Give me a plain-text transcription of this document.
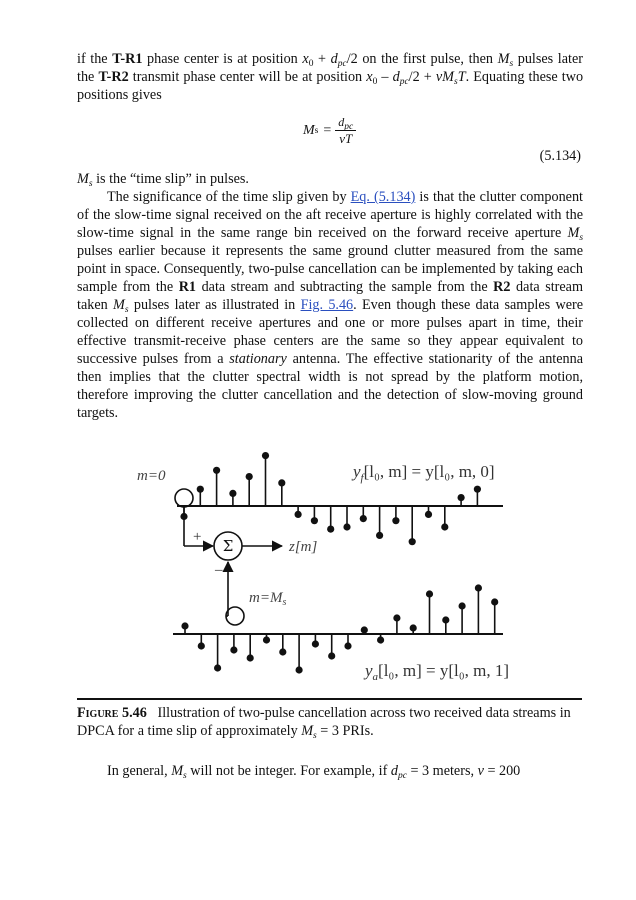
if the T-R1 phase center is at position $x_0 + d_{pc}/2$ on the first pulse, then $M_s$ pulses later the T-R2 transmit phase center will be at position $x_0 - d_{pc}/2 + vM_sT$. Equating these two positions gives

M $s = \frac{d_{pc}}{vT}$
(5.134)

$M_s$ is the “time slip” in pulses.

The significance of the time slip given by Eq. (5.134) is that the clutter component of the slow-time signal received on the aft receive aperture is highly correlated with the slow-time signal in the same range bin received on the forward receive aperture $M_s$ pulses earlier because it represents the same ground clutter measured from the same point in space. Consequently, two-pulse cancellation can be implemented by taking each sample from the R1 data stream and subtracting the sample from the R2 data stream taken $M_s$ pulses later as illustrated in Fig. 5.46. Even though these data samples were collected on different receive apertures and one or more pulses apart in time, their effective transmit-receive phase centers are the same so they appear equivalent to successive pulses from a stationary antenna. The effective stationarity of the antenna then implies that the clutter spectral width is not spread by the platform motion, therefore improving the clutter cancellation and the detection of slow-moving ground targets.

m=0
+ Σ	z[m]
–
$m=M_s$
$y_f[l_0$, m] = y[l₀, m, 0]
$y_a[l_0$, m] = y[l₀, m, 1]

Figure 5.46 Illustration of two-pulse cancellation across two received data streams in DPCA for a time slip of approximately $M_s = 3$ PRIs.

In general, $M_s$ will not be integer. For example, if $d_{pc} = 3$ meters, v = 200
